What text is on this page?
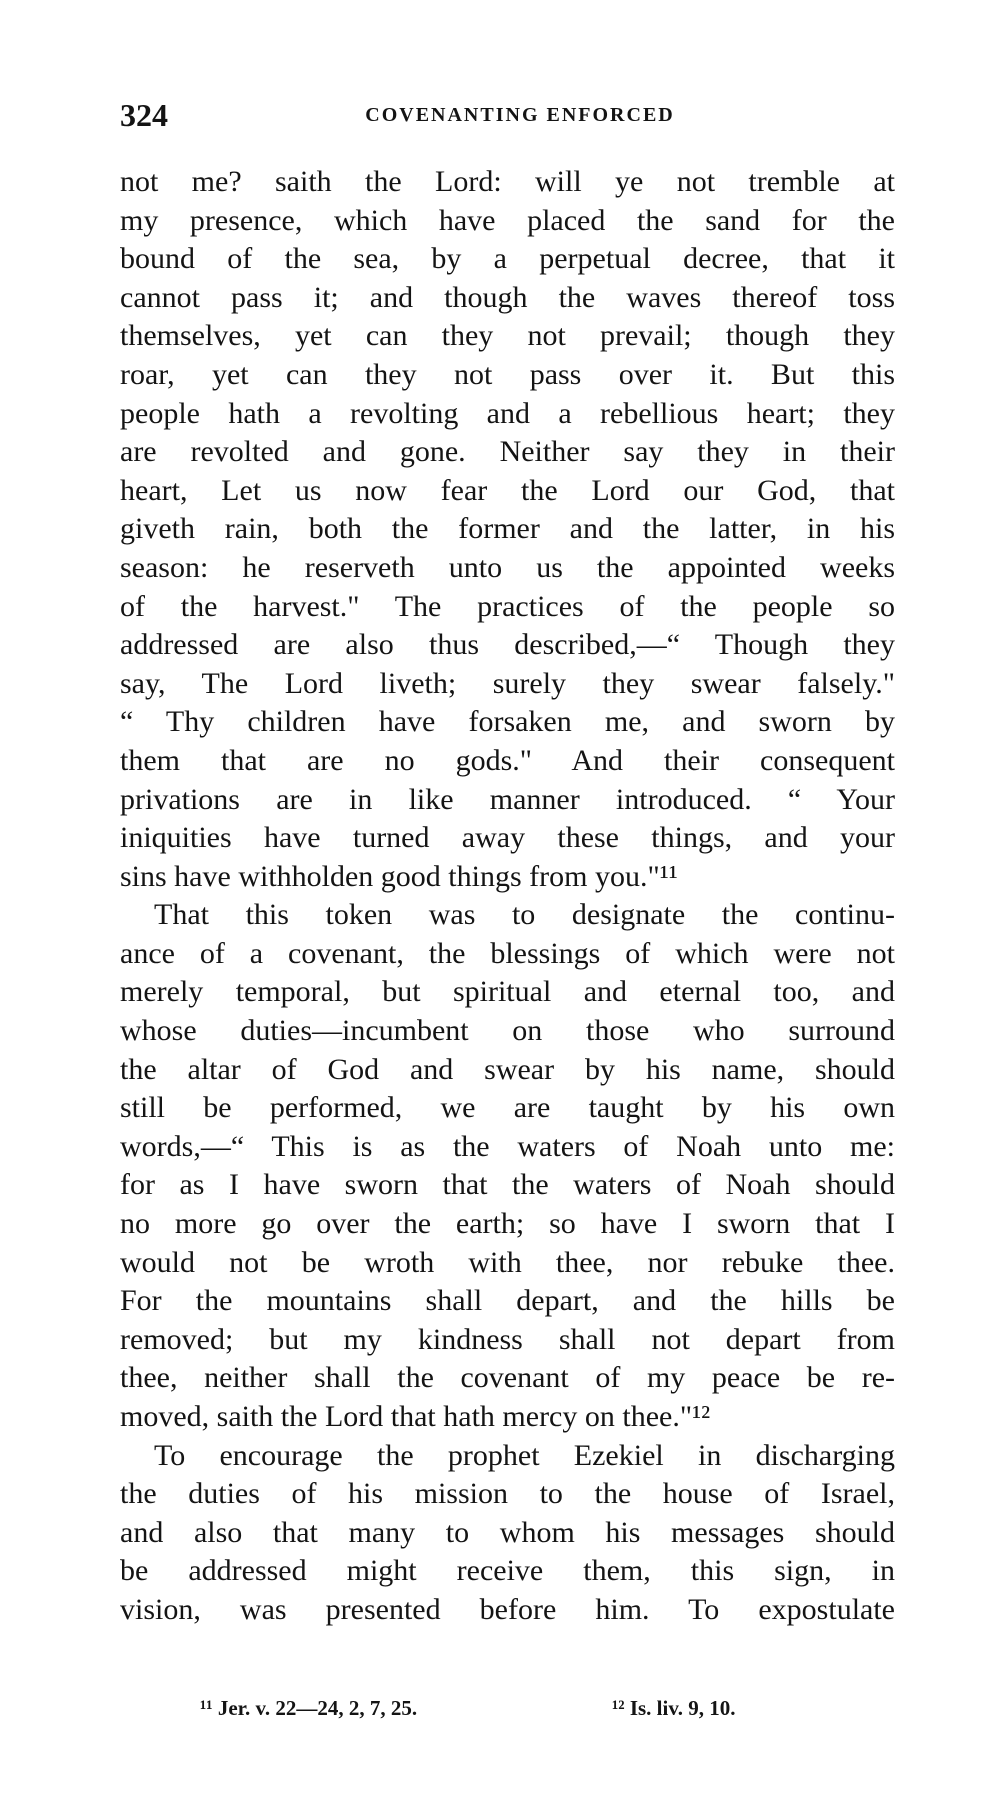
324	COVENANTING ENFORCED

not me? saith the Lord: will ye not tremble at
my presence, which have placed the sand for the
bound of the sea, by a perpetual decree, that it
cannot pass it; and though the waves thereof toss
themselves, yet can they not prevail; though they
roar, yet can they not pass over it. But this
people hath a revolting and a rebellious heart; they
are revolted and gone. Neither say they in their
heart, Let us now fear the Lord our God, that
giveth rain, both the former and the latter, in his
season: he reserveth unto us the appointed weeks
of the harvest." The practices of the people so
addressed are also thus described,—“ Though they
say, The Lord liveth; surely they swear falsely."
“ Thy children have forsaken me, and sworn by
them that are no gods." And their consequent
privations are in like manner introduced. “ Your
iniquities have turned away these things, and your
sins have withholden good things from you."¹¹

That this token was to designate the continu-
ance of a covenant, the blessings of which were not
merely temporal, but spiritual and eternal too, and
whose duties—incumbent on those who surround
the altar of God and swear by his name, should
still be performed, we are taught by his own
words,—“ This is as the waters of Noah unto me:
for as I have sworn that the waters of Noah should
no more go over the earth; so have I sworn that I
would not be wroth with thee, nor rebuke thee.
For the mountains shall depart, and the hills be
removed; but my kindness shall not depart from
thee, neither shall the covenant of my peace be re-
moved, saith the Lord that hath mercy on thee."¹²

To encourage the prophet Ezekiel in discharging
the duties of his mission to the house of Israel,
and also that many to whom his messages should
be addressed might receive them, this sign, in
vision, was presented before him. To expostulate

¹¹ Jer. v. 22—24, 2, 7, 25.	¹² Is. liv. 9, 10.
